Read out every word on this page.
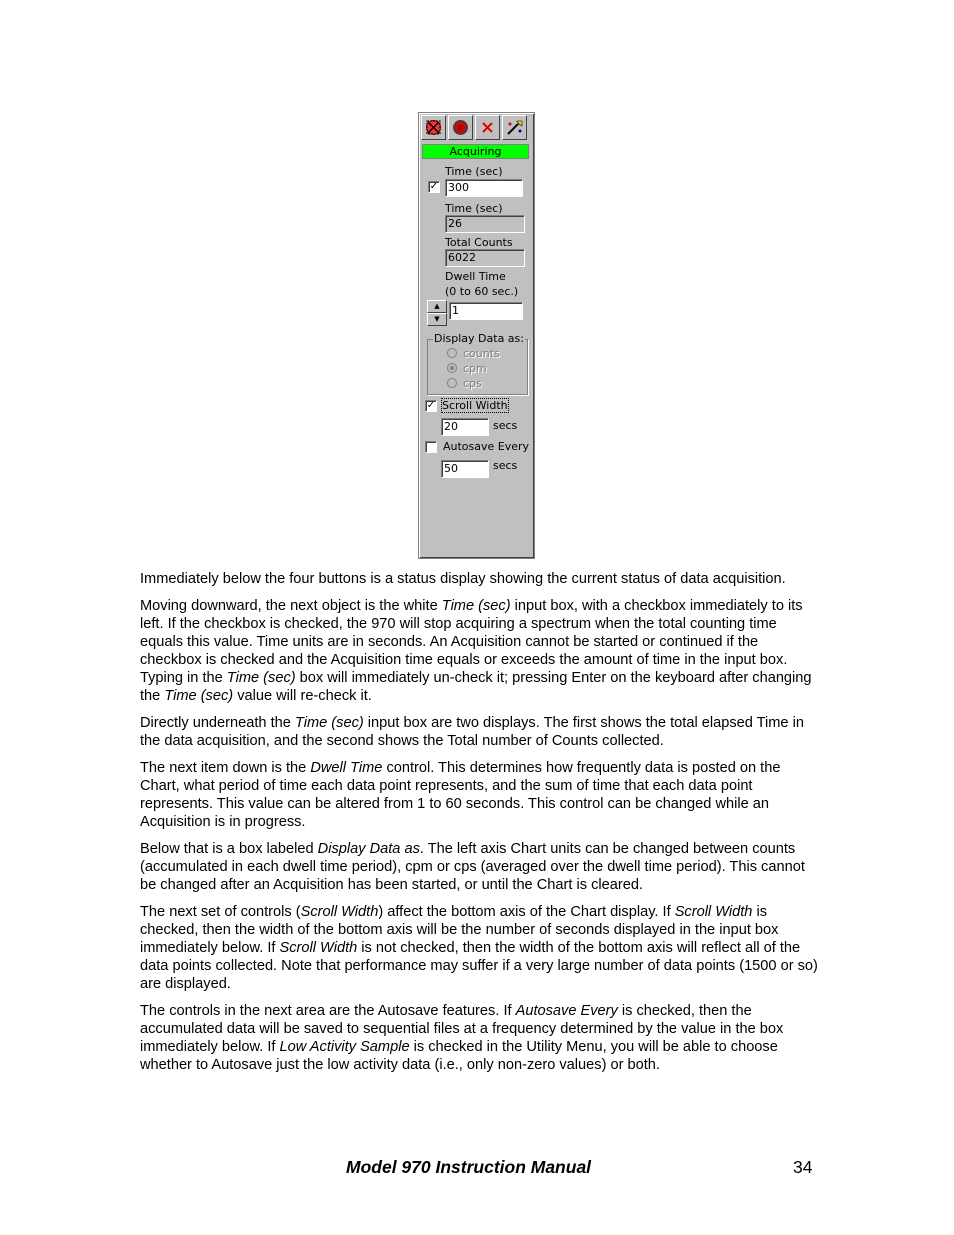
Acquiring
Time (sec)
✓ 300
Time (sec)
26
Total Counts
6022
Dwell Time
(0 to 60 sec.)
▲
▼
1
Display Data as:
counts
cpm
cps
✓ Scroll Width
20	secs
Autosave Every
50	secs

Immediately below the four buttons is a status display showing the current status of data acquisition.

Moving downward, the next object is the white Time (sec) input box, with a checkbox immediately to its left. If the checkbox is checked, the 970 will stop acquiring a spectrum when the total counting time equals this value. Time units are in seconds. An Acquisition cannot be started or continued if the checkbox is checked and the Acquisition time equals or exceeds the amount of time in the input box. Typing in the Time (sec) box will immediately un-check it; pressing Enter on the keyboard after changing the Time (sec) value will re-check it.

Directly underneath the Time (sec) input box are two displays. The first shows the total elapsed Time in the data acquisition, and the second shows the Total number of Counts collected.

The next item down is the Dwell Time control. This determines how frequently data is posted on the Chart, what period of time each data point represents, and the sum of time that each data point represents. This value can be altered from 1 to 60 seconds. This control can be changed while an Acquisition is in progress.

Below that is a box labeled Display Data as. The left axis Chart units can be changed between counts (accumulated in each dwell time period), cpm or cps (averaged over the dwell time period). This cannot be changed after an Acquisition has been started, or until the Chart is cleared.

The next set of controls (Scroll Width) affect the bottom axis of the Chart display. If Scroll Width is checked, then the width of the bottom axis will be the number of seconds displayed in the input box immediately below. If Scroll Width is not checked, then the width of the bottom axis will reflect all of the data points collected. Note that performance may suffer if a very large number of data points (1500 or so) are displayed.

The controls in the next area are the Autosave features. If Autosave Every is checked, then the accumulated data will be saved to sequential files at a frequency determined by the value in the box immediately below. If Low Activity Sample is checked in the Utility Menu, you will be able to choose whether to Autosave just the low activity data (i.e., only non-zero values) or both.

Model 970 Instruction Manual	34
